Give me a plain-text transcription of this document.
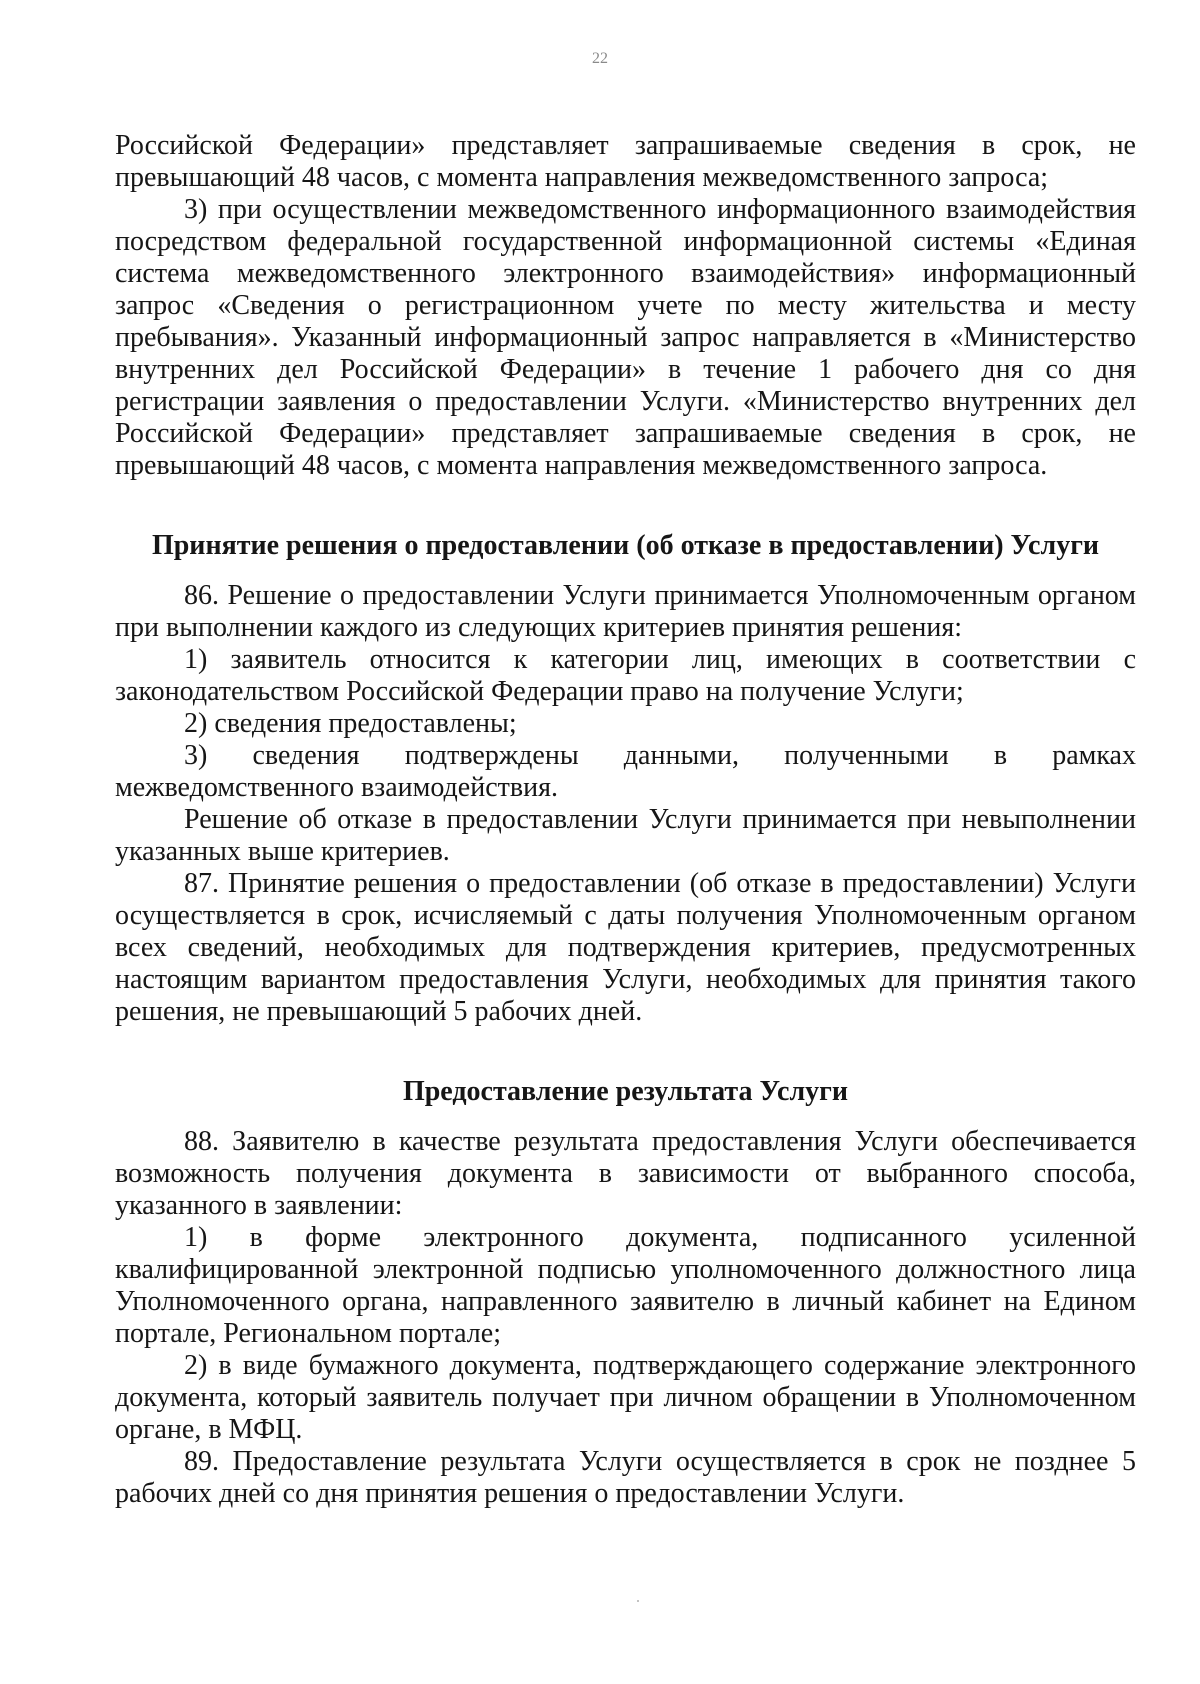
22

Российской Федерации» представляет запрашиваемые сведения в срок, не превышающий 48 часов, с момента направления межведомственного запроса;

3) при осуществлении межведомственного информационного взаимодействия посредством федеральной государственной информационной системы «Единая система межведомственного электронного взаимодействия» информационный запрос «Сведения о регистрационном учете по месту жительства и месту пребывания». Указанный информационный запрос направляется в «Министерство внутренних дел Российской Федерации» в течение 1 рабочего дня со дня регистрации заявления о предоставлении Услуги. «Министерство внутренних дел Российской Федерации» представляет запрашиваемые сведения в срок, не превышающий 48 часов, с момента направления межведомственного запроса.

Принятие решения о предоставлении (об отказе в предоставлении) Услуги

86. Решение о предоставлении Услуги принимается Уполномоченным органом при выполнении каждого из следующих критериев принятия решения:

1) заявитель относится к категории лиц, имеющих в соответствии с законодательством Российской Федерации право на получение Услуги;

2) сведения предоставлены;

3) сведения подтверждены данными, полученными в рамках межведомственного взаимодействия.

Решение об отказе в предоставлении Услуги принимается при невыполнении указанных выше критериев.

87. Принятие решения о предоставлении (об отказе в предоставлении) Услуги осуществляется в срок, исчисляемый с даты получения Уполномоченным органом всех сведений, необходимых для подтверждения критериев, предусмотренных настоящим вариантом предоставления Услуги, необходимых для принятия такого решения, не превышающий 5 рабочих дней.

Предоставление результата Услуги

88. Заявителю в качестве результата предоставления Услуги обеспечивается возможность получения документа в зависимости от выбранного способа, указанного в заявлении:

1) в форме электронного документа, подписанного усиленной квалифицированной электронной подписью уполномоченного должностного лица Уполномоченного органа, направленного заявителю в личный кабинет на Едином портале, Региональном портале;

2) в виде бумажного документа, подтверждающего содержание электронного документа, который заявитель получает при личном обращении в Уполномоченном органе, в МФЦ.

89. Предоставление результата Услуги осуществляется в срок не позднее 5 рабочих дней со дня принятия решения о предоставлении Услуги.
